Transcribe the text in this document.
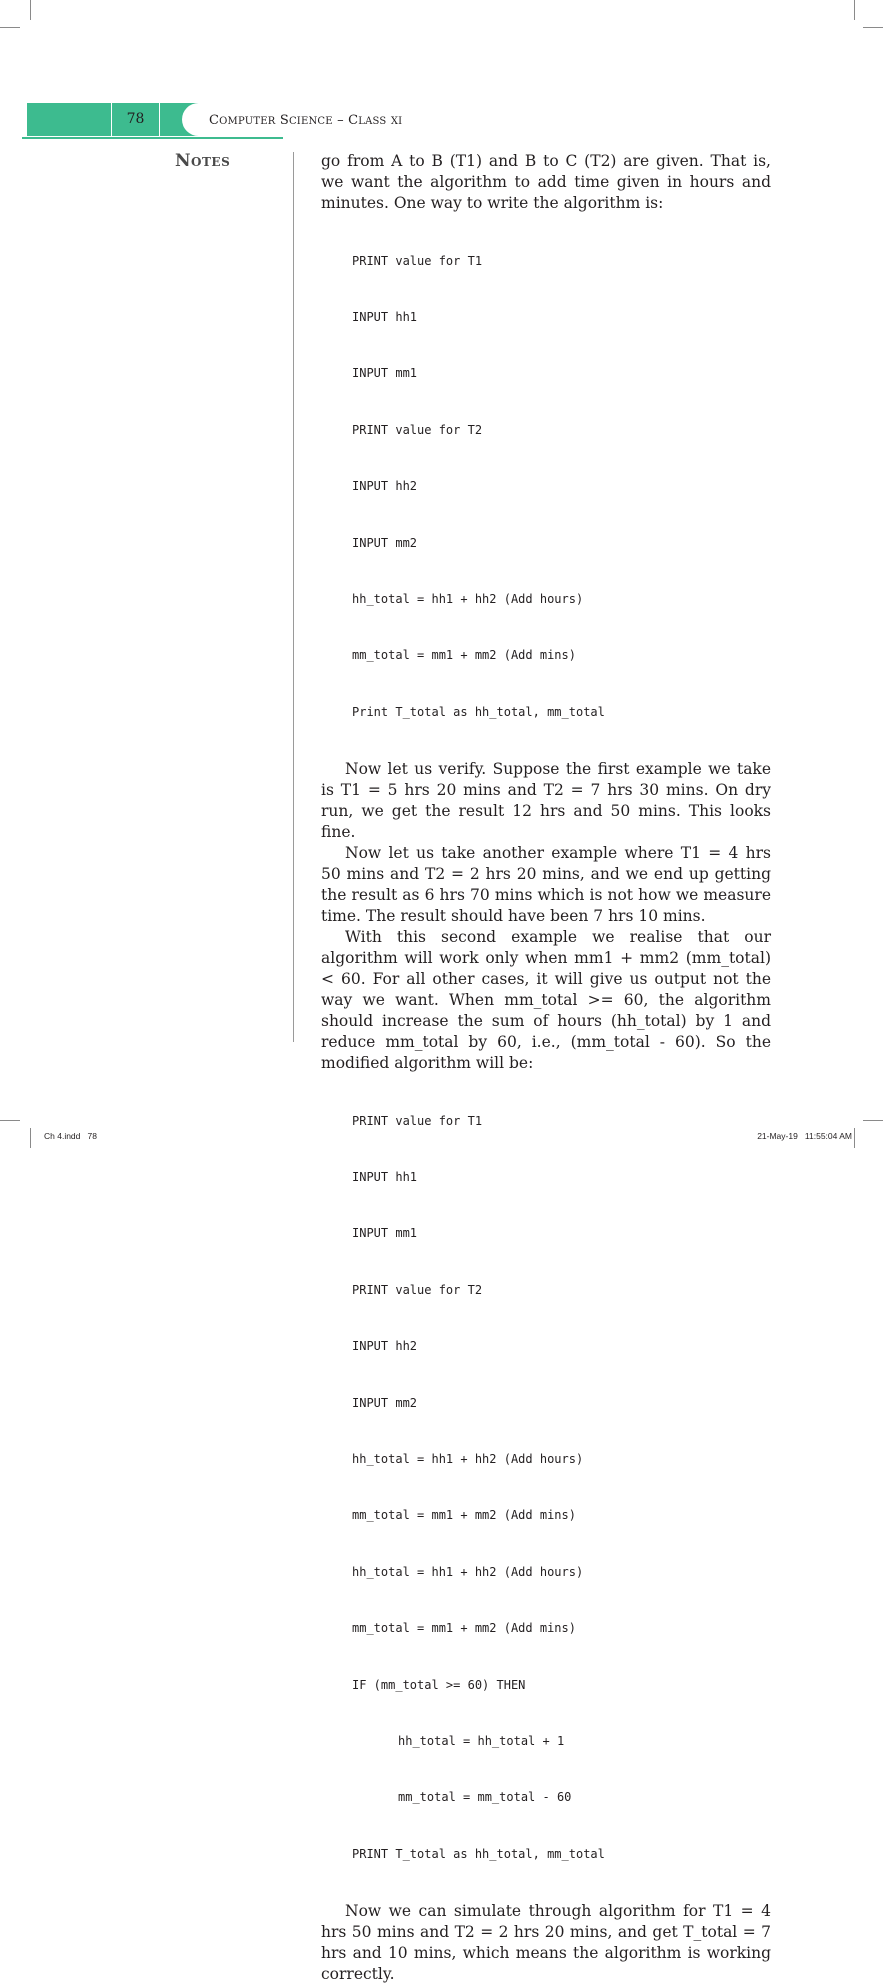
78	COMPUTER SCIENCE – CLASS XI
NOTES	go from A to B (T1) and B to C (T2) are given. That is, we want the algorithm to add time given in hours and minutes. One way to write the algorithm is:

PRINT value for T1

INPUT hh1

INPUT mm1

PRINT value for T2

INPUT hh2

INPUT mm2

hh_total = hh1 + hh2 (Add hours)

mm_total = mm1 + mm2 (Add mins)

Print T_total as hh_total, mm_total

Now let us verify. Suppose the first example we take is T1 = 5 hrs 20 mins and T2 = 7 hrs 30 mins. On dry run, we get the result 12 hrs and 50 mins. This looks fine.

Now let us take another example where T1 = 4 hrs 50 mins and T2 = 2 hrs 20 mins, and we end up getting the result as 6 hrs 70 mins which is not how we measure time. The result should have been 7 hrs 10 mins.

With this second example we realise that our algorithm will work only when mm1 + mm2 (mm_total) < 60. For all other cases, it will give us output not the way we want. When mm_total >= 60, the algorithm should increase the sum of hours (hh_total) by 1 and reduce mm_total by 60, i.e., (mm_total - 60). So the modified algorithm will be:

PRINT value for T1

INPUT hh1

INPUT mm1

PRINT value for T2

INPUT hh2

INPUT mm2

hh_total = hh1 + hh2 (Add hours)

mm_total = mm1 + mm2 (Add mins)

hh_total = hh1 + hh2 (Add hours)

mm_total = mm1 + mm2 (Add mins)

IF (mm_total >= 60) THEN

hh_total = hh_total + 1

mm_total = mm_total - 60

PRINT T_total as hh_total, mm_total

Now we can simulate through algorithm for T1 = 4 hrs 50 mins and T2 = 2 hrs 20 mins, and get T_total = 7 hrs and 10 mins, which means the algorithm is working correctly.

Ch 4.indd   78	21-May-19   11:55:04 AM
